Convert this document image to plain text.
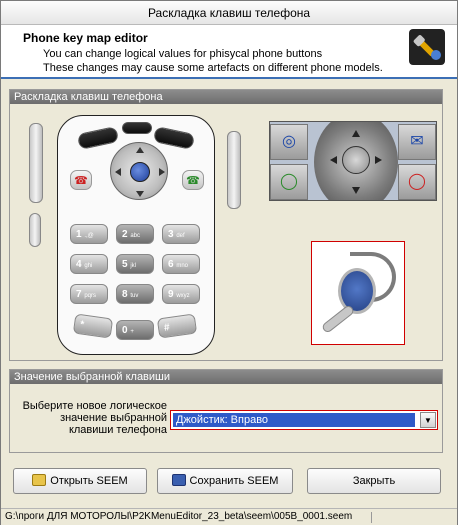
Раскладка клавиш телефона
Phone key map editor
You can change logical values for phisycal phone buttons
These changes may cause some artefacts on different phone models.
Раскладка клавиш телефона
☎	☎
1 .,@	2 abc	3 def
4 ghi	5 jkl	6 mno
7 pqrs	8 tuv	9 wxyz
*	0 +	#
◎	✉
◯	◯
Значение выбранной клавиши
Выберите новое логическое
значение выбранной
клавиши телефона
Джойстик: Вправо	▼
Открыть SEEM	Сохранить SEEM	Закрыть
G:\проги ДЛЯ МОТОРОЛЫ\P2KMenuEditor_23_beta\seem\005B_0001.seem
